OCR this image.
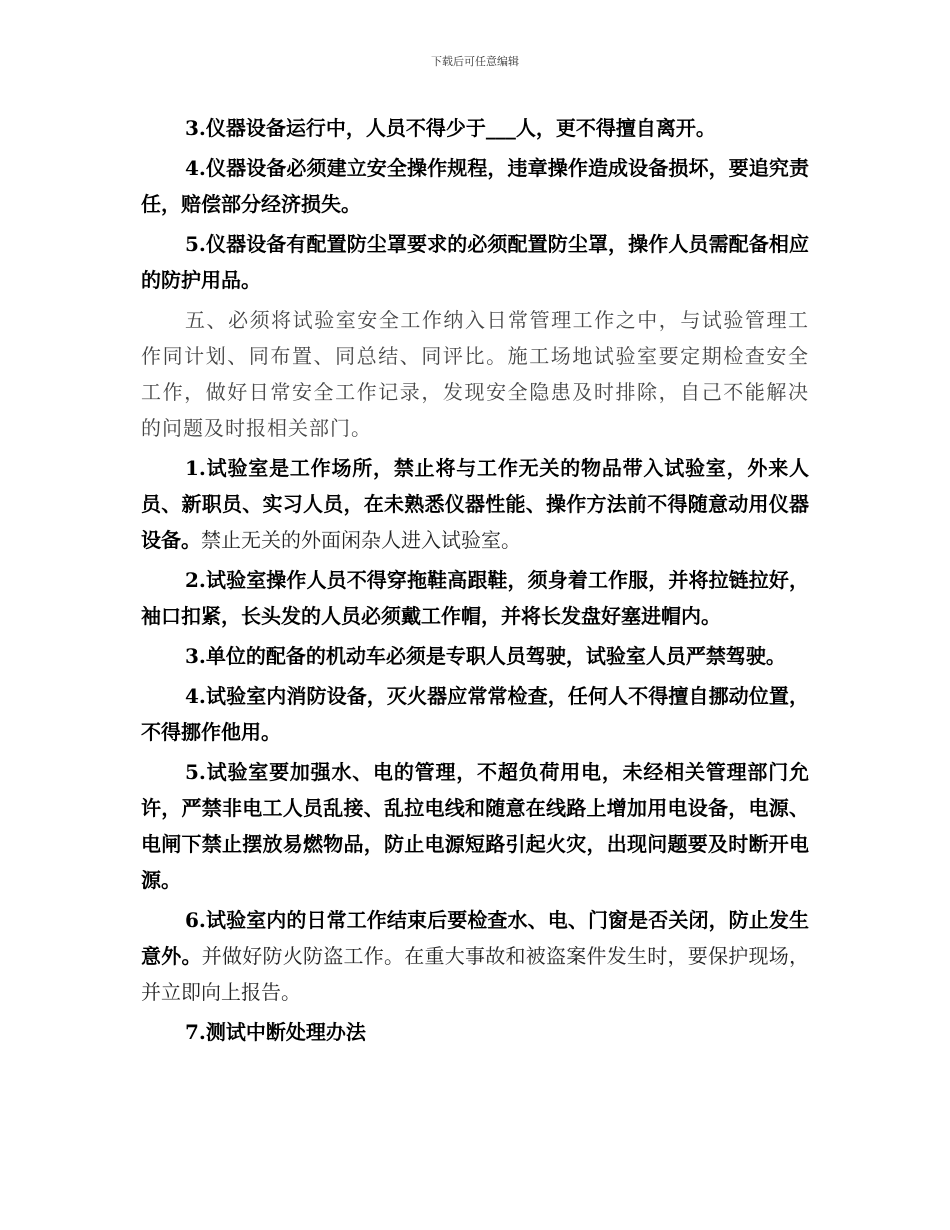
下载后可任意编辑

3.仪器设备运行中，人员不得少于___人，更不得擅自离开。

4.仪器设备必须建立安全操作规程，违章操作造成设备损坏，要追究责任，赔偿部分经济损失。

5.仪器设备有配置防尘罩要求的必须配置防尘罩，操作人员需配备相应的防护用品。

五、必须将试验室安全工作纳入日常管理工作之中，与试验管理工作同计划、同布置、同总结、同评比。施工场地试验室要定期检查安全工作，做好日常安全工作记录，发现安全隐患及时排除，自己不能解决的问题及时报相关部门。

1.试验室是工作场所，禁止将与工作无关的物品带入试验室，外来人员、新职员、实习人员，在未熟悉仪器性能、操作方法前不得随意动用仪器设备。禁止无关的外面闲杂人进入试验室。

2.试验室操作人员不得穿拖鞋高跟鞋，须身着工作服，并将拉链拉好，袖口扣紧，长头发的人员必须戴工作帽，并将长发盘好塞进帽内。

3.单位的配备的机动车必须是专职人员驾驶，试验室人员严禁驾驶。

4.试验室内消防设备，灭火器应常常检查，任何人不得擅自挪动位置，不得挪作他用。

5.试验室要加强水、电的管理，不超负荷用电，未经相关管理部门允许，严禁非电工人员乱接、乱拉电线和随意在线路上增加用电设备，电源、电闸下禁止摆放易燃物品，防止电源短路引起火灾，出现问题要及时断开电源。

6.试验室内的日常工作结束后要检查水、电、门窗是否关闭，防止发生意外。并做好防火防盗工作。在重大事故和被盗案件发生时，要保护现场，并立即向上报告。

7.测试中断处理办法
